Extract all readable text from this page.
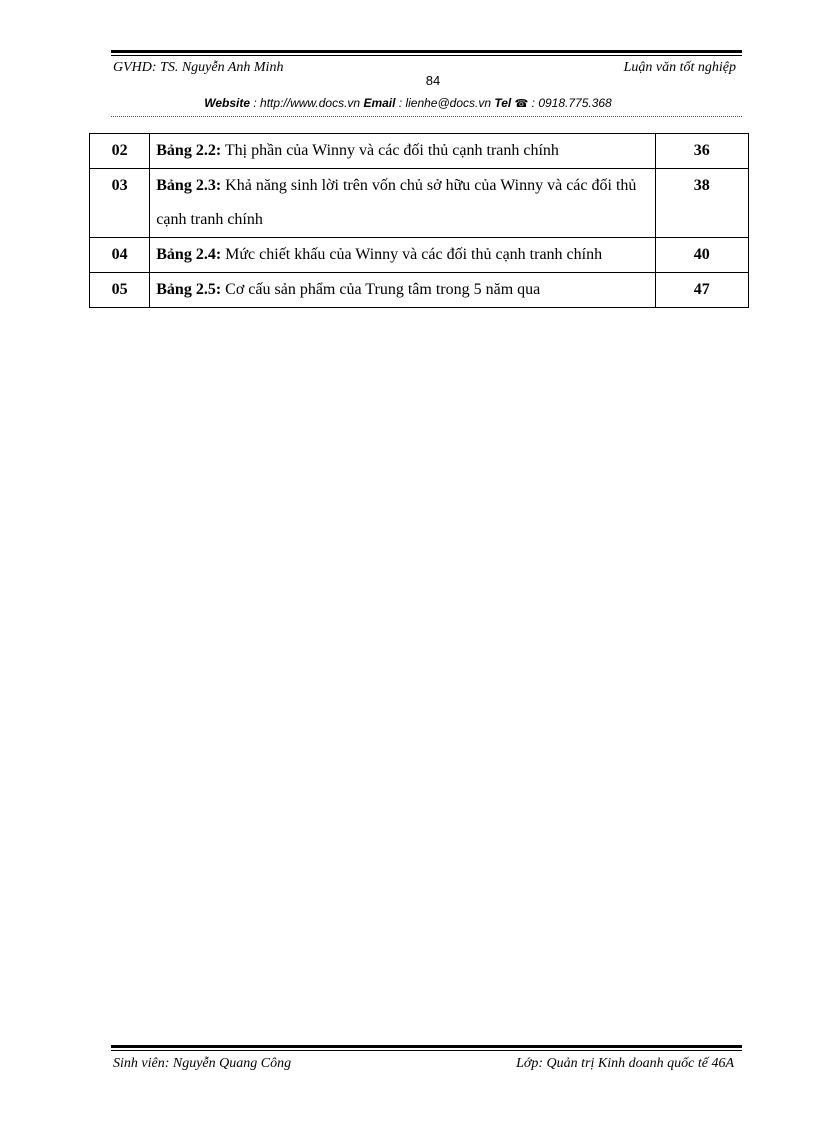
GVHD: TS. Nguyễn Anh Minh	Luận văn tốt nghiệp
84
Website : http://www.docs.vn Email : lienhe@docs.vn Tel ☎ : 0918.775.368
02	Bảng 2.2: Thị phần của Winny và các đối thủ cạnh tranh chính	36
03	Bảng 2.3: Khả năng sinh lời trên vốn chủ sở hữu của Winny và các đối thủ cạnh tranh chính	38
04	Bảng 2.4: Mức chiết khấu của Winny và các đối thủ cạnh tranh chính	40
05	Bảng 2.5: Cơ cấu sản phẩm của Trung tâm trong 5 năm qua	47
Sinh viên: Nguyễn Quang Công	Lớp: Quản trị Kinh doanh quốc tế 46A
